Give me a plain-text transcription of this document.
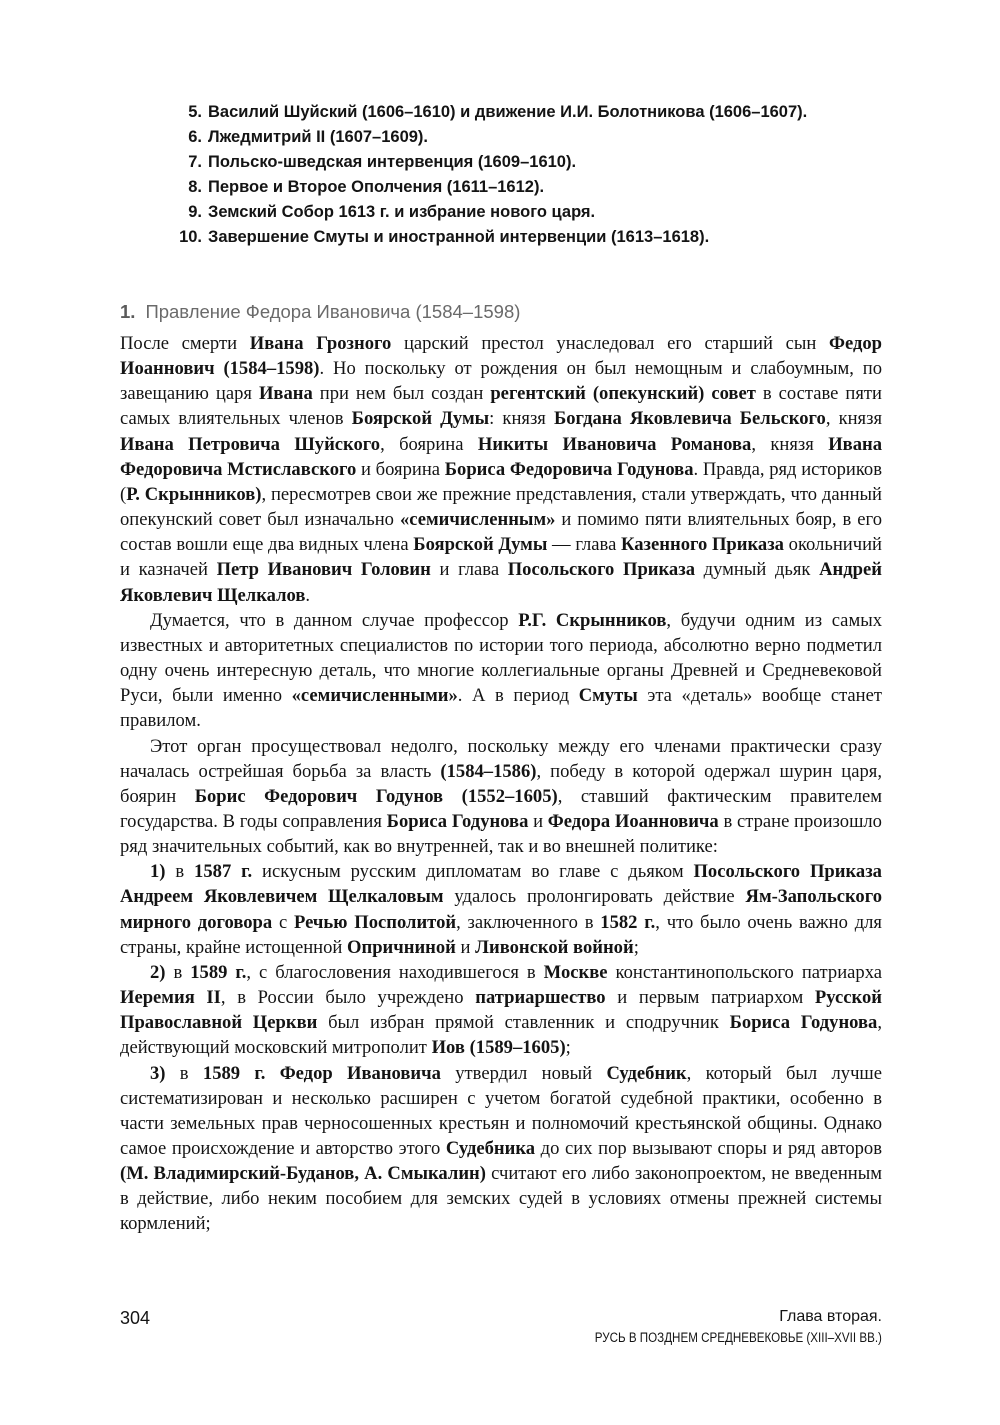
5. Василий Шуйский (1606–1610) и движение И.И. Болотникова (1606–1607).
6. Лжедмитрий II (1607–1609).
7. Польско-шведская интервенция (1609–1610).
8. Первое и Второе Ополчения (1611–1612).
9. Земский Собор 1613 г. и избрание нового царя.
10. Завершение Смуты и иностранной интервенции (1613–1618).
1. Правление Федора Ивановича (1584–1598)

После смерти Ивана Грозного царский престол унаследовал его старший сын Федор Иоаннович (1584–1598). Но поскольку от рождения он был немощным и слабоумным, по завещанию царя Ивана при нем был создан регентский (опекунский) совет в составе пяти самых влиятельных членов Боярской Думы: князя Богдана Яковлевича Бельского, князя Ивана Петровича Шуйского, боярина Никиты Ивановича Романова, князя Ивана Федоровича Мстиславского и боярина Бориса Федоровича Годунова. Правда, ряд историков (Р. Скрынников), пересмотрев свои же прежние представления, стали утверждать, что данный опекунский совет был изначально «семичисленным» и помимо пяти влиятельных бояр, в его состав вошли еще два видных члена Боярской Думы — глава Казенного Приказа окольничий и казначей Петр Иванович Головин и глава Посольского Приказа думный дьяк Андрей Яковлевич Щелкалов.

Думается, что в данном случае профессор Р.Г. Скрынников, будучи одним из самых известных и авторитетных специалистов по истории того периода, абсолютно верно подметил одну очень интересную деталь, что многие коллегиальные органы Древней и Средневековой Руси, были именно «семичисленными». А в период Смуты эта «деталь» вообще станет правилом.

Этот орган просуществовал недолго, поскольку между его членами практически сразу началась острейшая борьба за власть (1584–1586), победу в которой одержал шурин царя, боярин Борис Федорович Годунов (1552–1605), ставший фактическим правителем государства. В годы соправления Бориса Годунова и Федора Иоанновича в стране произошло ряд значительных событий, как во внутренней, так и во внешней политике:

1) в 1587 г. искусным русским дипломатам во главе с дьяком Посольского Приказа Андреем Яковлевичем Щелкаловым удалось пролонгировать действие Ям-Запольского мирного договора с Речью Посполитой, заключенного в 1582 г., что было очень важно для страны, крайне истощенной Опричниной и Ливонской войной;

2) в 1589 г., с благословения находившегося в Москве константинопольского патриарха Иеремия II, в России было учреждено патриаршество и первым патриархом Русской Православной Церкви был избран прямой ставленник и сподручник Бориса Годунова, действующий московский митрополит Иов (1589–1605);

3) в 1589 г. Федор Ивановича утвердил новый Судебник, который был лучше систематизирован и несколько расширен с учетом богатой судебной практики, особенно в части земельных прав черносошенных крестьян и полномочий крестьянской общины. Однако самое происхождение и авторство этого Судебника до сих пор вызывают споры и ряд авторов (М. Владимирский-Буданов, А. Смыкалин) считают его либо законопроектом, не введенным в действие, либо неким пособием для земских судей в условиях отмены прежней системы кормлений;

304	Глава вторая.
РУСЬ В ПОЗДНЕМ СРЕДНЕВЕКОВЬЕ (XIII–XVII ВВ.)
